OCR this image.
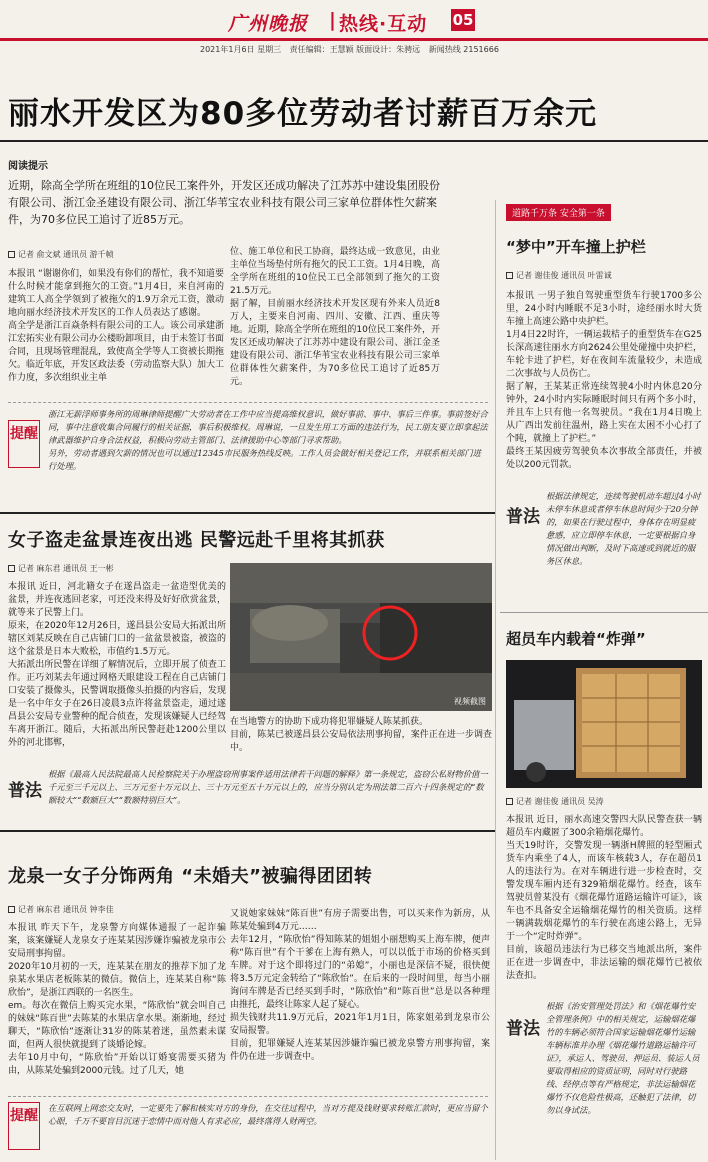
广州晚报 | 热线·互动 05
2021年1月6日 星期三 责任编辑：王慧颖 版面设计：朱骋远 新闻热线 2151666
丽水开发区为80多位劳动者讨薪百万余元
阅读提示
近期，除高全学所在班组的10位民工案件外，开发区还成功解决了江苏苏中建设集团股份有限公司、浙江金圣建设有限公司、浙江华苇宝农业科技有限公司三家单位群体性欠薪案件，为70多位民工追讨了近85万元。	道路千万条 安全第一条
记者 俞文斌 通讯员 游千帧
本报讯 “谢谢你们，如果没有你们的帮忙，我不知道要什么时候才能拿到拖欠的工资。”1月4日，来自河南的建筑工人高全学领到了被拖欠的1.9万余元工资，激动地向丽水经济技术开发区的工作人员表达了感谢。
高全学是浙江百焱条料有限公司的工人。该公司承建浙江宏拓实业有限公司办公楼盼卸项目，由于未签订书面合同，且现场管理混乱，致使高全学等人工资被长期拖欠。临近年底，开发区政法委（劳动监察大队）加大工作力度，多次组织业主单
位、施工单位和民工协商，最终达成一致意见，由业主单位当场垫付所有拖欠的民工工资。1月4日晚，高全学所在班组的10位民工已全部领到了拖欠的工资21.5万元。
据了解，目前丽水经济技术开发区现有外来人员近8万人，主要来自河南、四川、安徽、江西、重庆等地。近期，除高全学所在班组的10位民工案件外，开发区还成功解决了江苏苏中建设有限公司、浙江金圣建设有限公司、浙江华苇宝农业科技有限公司三家单位群体性欠薪案件，为70多位民工追讨了近85万元。
提醒
浙江无薪浮师事务所的周琳律师提醒广大劳动者在工作中应当提高维权意识，做好事前、事中、事后三件事。事前签好合同，事中注意收集合同履行的相关证据，事后积极维权。周琳说，一旦发生用工方面的违法行为，民工朋友要立即拿起法律武器维护自身合法权益，积极向劳动主管部门、法律援助中心等部门寻求帮助。
另外，劳动者遇到欠薪的情况也可以通过12345市民服务热线反映。工作人员会做好相关登记工作，并联系相关部门进行处理。
女子盗走盆景连夜出逃 民警远赴千里将其抓获
记者 麻东君 通讯员 王一彬
本报讯 近日，河北籍女子在遂昌盗走一盆造型优美的盆景，并连夜逃回老家，可还没来得及好好欣赏盆景，就等来了民警上门。
原来，在2020年12月26日，遂昌县公安局大拓派出所辖区刘某反映在自己店铺门口的一盆盆景被盗，被盗的这个盆景是日本大败松，市值约1.5万元。
大拓派出所民警在详细了解情况后，立即开展了侦查工作。正巧刘某去年通过网格天眼建设工程在自己店铺门口安装了摄像头，民警调取摄像头拍摄的内容后，发现是一名中年女子在26日凌晨3点许将盆景盗走，通过遂昌县公安局专业警种的配合侦查，发现该嫌疑人已经驾车离开浙江。随后，大拓派出所民警赶赴1200公里以外的河北邯郸，
视频截图
在当地警方的协助下成功将犯罪嫌疑人陈某抓获。
目前，陈某已被遂昌县公安局依法刑事拘留，案件正在进一步调查中。
普法
根据《最高人民法院最高人民检察院关于办理盗窃刑事案件适用法律若干问题的解释》第一条规定，盗窃公私财物价值一千元至三千元以上、三万元至十万元以上、三十万元至五十万元以上的，应当分别认定为刑法第二百六十四条规定的“数额较大”“数额巨大”“数额特别巨大”。
龙泉一女子分饰两角 “未婚夫”被骗得团团转
记者 麻东君 通讯员 钟李佳
本报讯 昨天下午，龙泉警方向媒体通报了一起诈骗案，该案嫌疑人龙泉女子连某某因涉嫌诈骗被龙泉市公安局刑事拘留。
2020年10月初的一天，连某某在朋友的推荐下加了龙泉某水果店老板陈某的微信。微信上，连某某自称“陈欣怡”，是浙江西联的一名医生。
em。每次在微信上购买完水果，“陈欣怡”就会叫自己的妹妹“陈百世”去陈某的水果店拿水果。渐渐地，经过聊天，“陈欣怡”逐渐让31岁的陈某着迷，虽然素未谋面，但两人很快就提到了谈婚论嫁。
去年10月中旬，“陈欣怡”开始以订婚宴需要买猪为由，从陈某处骗到2000元钱。过了几天，她
又说她家妹妹“陈百世”有房子需要出售，可以买来作为新房，从陈某处骗到4万元……
去年12月，“陈欣怡”得知陈某的姐姐小丽想购买上海车牌，便声称“陈百世”有个干爹在上海有熟人，可以以低于市场的价格买到车牌。对于这个即将过门的“弟媳”，小丽也是深信不疑，很快便将3.5万元定金转给了“陈欣怡”。在后来的一段时间里，每当小丽询问车牌是否已经买到手时，“陈欣怡”和“陈百世”总是以各种理由推托，最终让陈家人起了疑心。
损失钱财共11.9万元后，2021年1月1日，陈家姐弟到龙泉市公安局报警。
目前，犯罪嫌疑人连某某因涉嫌诈骗已被龙泉警方刑事拘留，案件仍在进一步调查中。
提醒 在互联网上网恋交友时，一定要先了解和核实对方的身份，在交往过程中，当对方提及钱财要求转账汇款时，更应当留个心眼，千万不要盲目沉迷于恋情中而对他人有求必应，最终落得人财两空。
“梦中”开车撞上护栏
记者 谢佳俊 通讯员 叶雷诚
本报讯 一男子独自驾驶重型货车行驶1700多公里，24小时内睡眠不足3小时，途经丽水时大货车撞上高速公路中央护栏。
1月4日22时许，一辆运载桔子的重型货车在G25长深高速往丽水方向2624公里处碰撞中央护栏，车轮卡进了护栏，好在夜间车流量较少，未造成二次事故与人员伤亡。
据了解，王某某正常连续驾驶4小时内休息20分钟外，24小时内实际睡眠时间只有两个多小时，并且车上只有他一名驾驶员。“我在1月4日晚上从广西出发前往温州，路上实在太困不小心打了个盹，就撞上了护栏。”
最终王某因疲劳驾驶负本次事故全部责任，并被处以200元罚款。
普法
根据法律规定，连续驾驶机动车超过4小时未停车休息或者停车休息时间少于20分钟的，如果在行驶过程中，身体存在明显疲惫感，应立即停车休息，一定要根据自身情况做出判断，及时下高速或到就近的服务区休息。
超员车内载着“炸弹”
记者 谢佳俊 通讯员 吴涛
本报讯 近日，丽水高速交警四大队民警查获一辆超员车内藏匿了300余箱烟花爆竹。
当天19时许，交警发现一辆浙H牌照的轻型厢式货车内乘坐了4人，而该车核载3人，存在超员1人的违法行为。在对车辆进行进一步检查时，交警发现车厢内还有329箱烟花爆竹。经查，该车驾驶员曾某没有《烟花爆竹道路运输许可证》，该车也不具备安全运输烟花爆竹的相关资质。这样一辆满载烟花爆竹的车行驶在高速公路上，无异于一个“定时炸弹”。
目前，该超员违法行为已移交当地派出所，案件正在进一步调查中，非法运输的烟花爆竹已被依法查扣。
普法
根据《治安管理处罚法》和《烟花爆竹安全管理条例》中的相关规定，运输烟花爆竹的车辆必须符合国家运输烟花爆竹运输车辆标准并办理《烟花爆竹道路运输许可证》，承运人、驾驶员、押运员、装运人员要取得相应的资质证明，同时对行驶路线、经停点等有严格规定，非法运输烟花爆竹不仅危险性极高，还触犯了法律，切勿以身试法。
